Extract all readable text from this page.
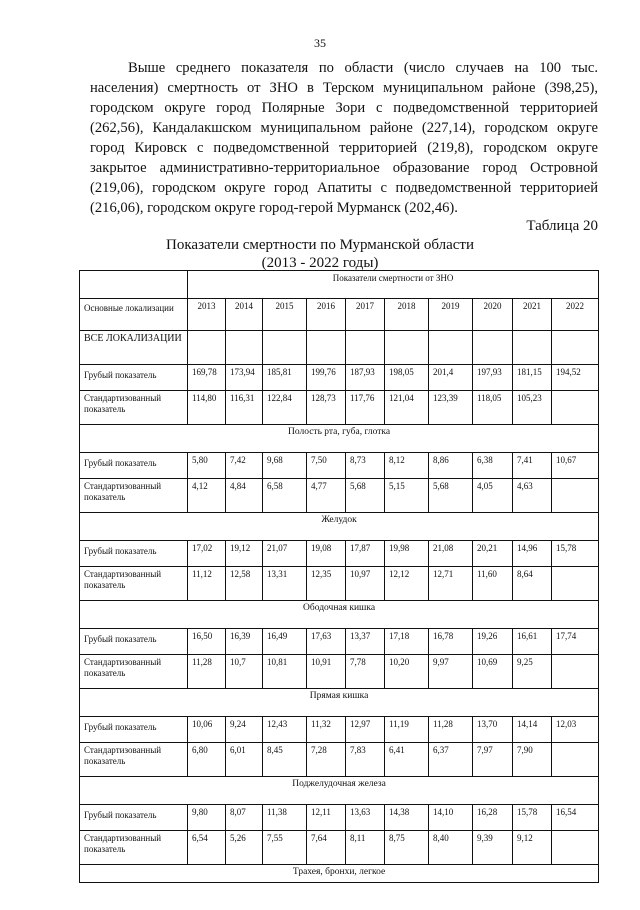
35

Выше среднего показателя по области (число случаев на 100 тыс. населения) смертность от ЗНО в Терском муниципальном районе (398,25), городском округе город Полярные Зори с подведомственной территорией (262,56), Кандалакшском муниципальном районе (227,14), городском округе город Кировск с подведомственной территорией (219,8), городском округе закрытое административно-территориальное образование город Островной (219,06), городском округе город Апатиты с подведомственной территорией (216,06), городском округе город-герой Мурманск (202,46).

Таблица 20
Показатели смертности по Мурманской области
(2013 - 2022 годы)
	Показатели смертности от ЗНО									
Основные локализации	2013	2014	2015	2016	2017	2018	2019	2020	2021	2022
ВСЕ ЛОКАЛИЗАЦИИ										
Грубый показатель	169,78	173,94	185,81	199,76	187,93	198,05	201,4	197,93	181,15	194,52
Стандартизованный показатель	114,80	116,31	122,84	128,73	117,76	121,04	123,39	118,05	105,23	
Полость рта, губа, глотка										
Грубый показатель	5,80	7,42	9,68	7,50	8,73	8,12	8,86	6,38	7,41	10,67
Стандартизованный показатель	4,12	4,84	6,58	4,77	5,68	5,15	5,68	4,05	4,63	
Желудок										
Грубый показатель	17,02	19,12	21,07	19,08	17,87	19,98	21,08	20,21	14,96	15,78
Стандартизованный показатель	11,12	12,58	13,31	12,35	10,97	12,12	12,71	11,60	8,64	
Ободочная кишка										
Грубый показатель	16,50	16,39	16,49	17,63	13,37	17,18	16,78	19,26	16,61	17,74
Стандартизованный показатель	11,28	10,7	10,81	10,91	7,78	10,20	9,97	10,69	9,25	
Прямая кишка										
Грубый показатель	10,06	9,24	12,43	11,32	12,97	11,19	11,28	13,70	14,14	12,03
Стандартизованный показатель	6,80	6,01	8,45	7,28	7,83	6,41	6,37	7,97	7,90	
Поджелудочная железа										
Грубый показатель	9,80	8,07	11,38	12,11	13,63	14,38	14,10	16,28	15,78	16,54
Стандартизованный показатель	6,54	5,26	7,55	7,64	8,11	8,75	8,40	9,39	9,12	
Трахея, бронхи, легкое										
